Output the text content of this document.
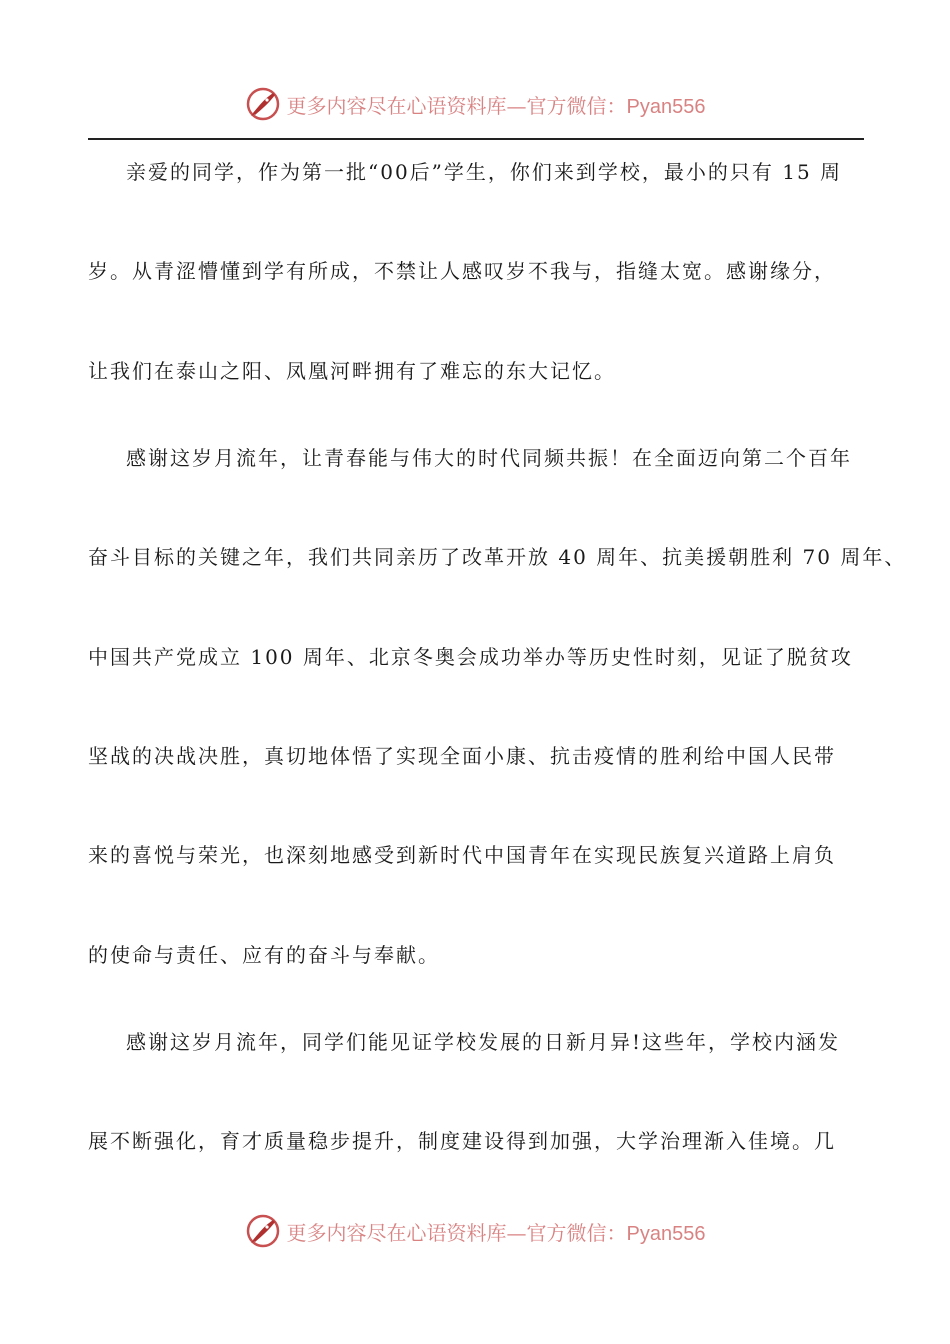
更多内容尽在心语资料库—官方微信：Pyan556
亲爱的同学，作为第一批“00后”学生，你们来到学校，最小的只有 15 周
岁。从青涩懵懂到学有所成，不禁让人感叹岁不我与，指缝太宽。感谢缘分，
让我们在泰山之阳、凤凰河畔拥有了难忘的东大记忆。
感谢这岁月流年，让青春能与伟大的时代同频共振！在全面迈向第二个百年
奋斗目标的关键之年，我们共同亲历了改革开放 40 周年、抗美援朝胜利 70 周年、
中国共产党成立 100 周年、北京冬奥会成功举办等历史性时刻，见证了脱贫攻
坚战的决战决胜，真切地体悟了实现全面小康、抗击疫情的胜利给中国人民带
来的喜悦与荣光，也深刻地感受到新时代中国青年在实现民族复兴道路上肩负
的使命与责任、应有的奋斗与奉献。
感谢这岁月流年，同学们能见证学校发展的日新月异!这些年，学校内涵发
展不断强化，育才质量稳步提升，制度建设得到加强，大学治理渐入佳境。几
更多内容尽在心语资料库—官方微信：Pyan556
